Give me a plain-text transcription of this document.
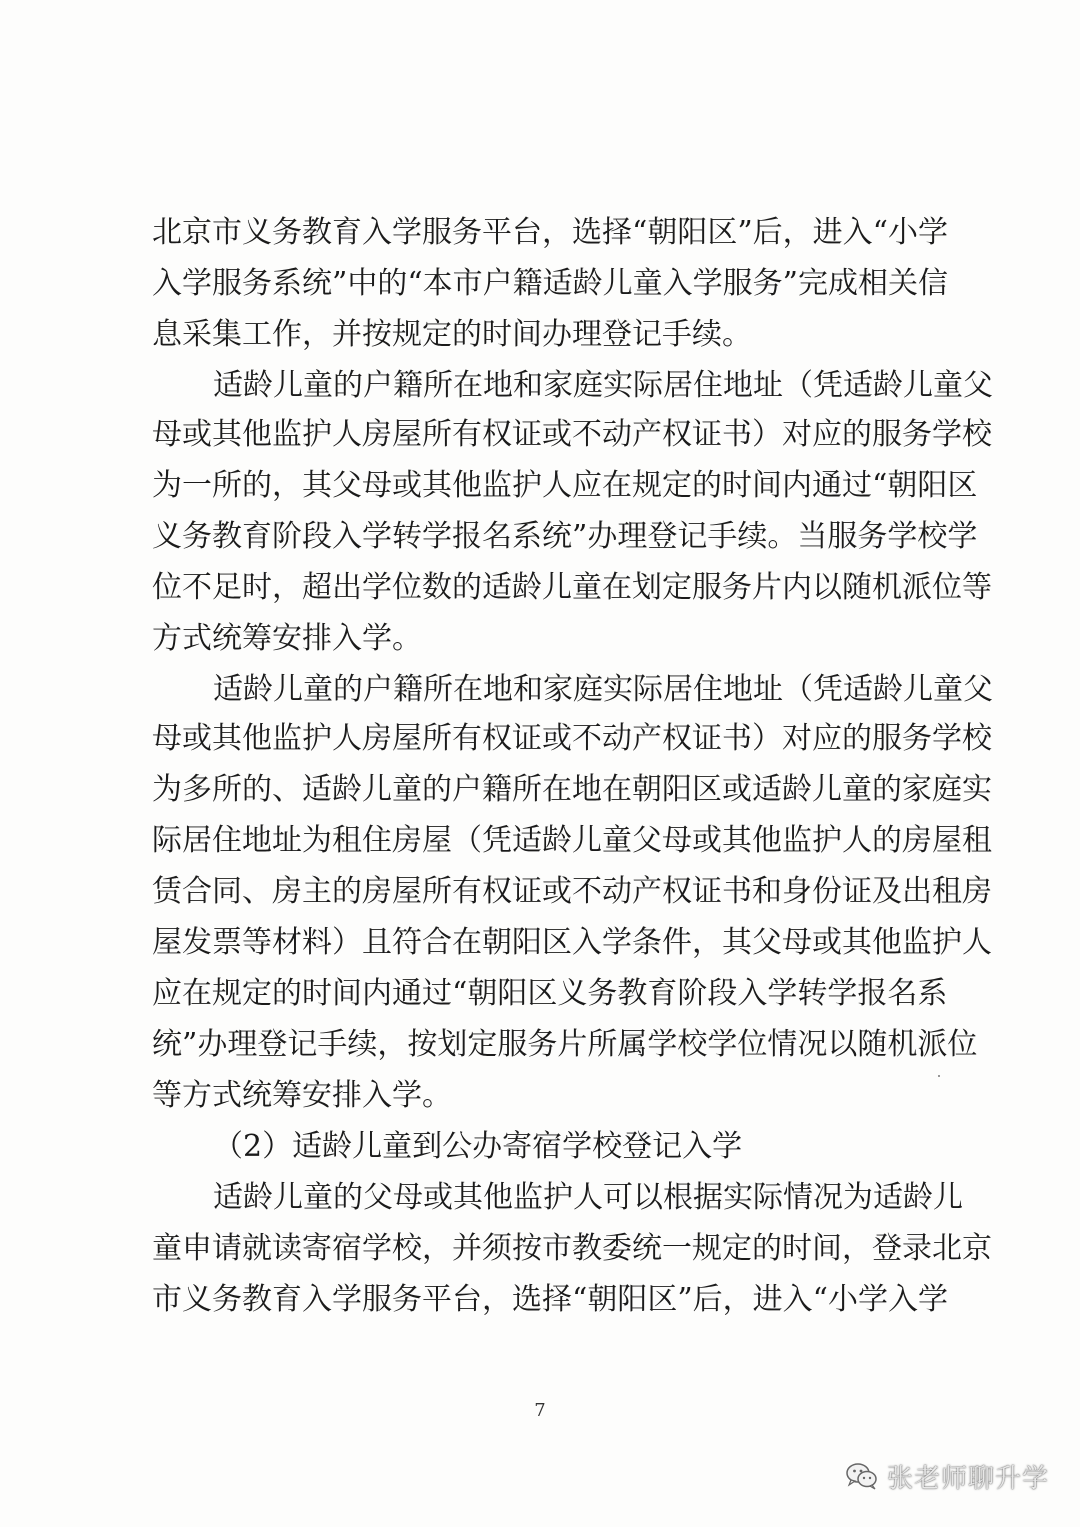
北京市义务教育入学服务平台，选择“朝阳区”后，进入“小学
入学服务系统”中的“本市户籍适龄儿童入学服务”完成相关信
息采集工作，并按规定的时间办理登记手续。
适龄儿童的户籍所在地和家庭实际居住地址（凭适龄儿童父
母或其他监护人房屋所有权证或不动产权证书）对应的服务学校
为一所的，其父母或其他监护人应在规定的时间内通过“朝阳区
义务教育阶段入学转学报名系统”办理登记手续。当服务学校学
位不足时，超出学位数的适龄儿童在划定服务片内以随机派位等
方式统筹安排入学。
适龄儿童的户籍所在地和家庭实际居住地址（凭适龄儿童父
母或其他监护人房屋所有权证或不动产权证书）对应的服务学校
为多所的、适龄儿童的户籍所在地在朝阳区或适龄儿童的家庭实
际居住地址为租住房屋（凭适龄儿童父母或其他监护人的房屋租
赁合同、房主的房屋所有权证或不动产权证书和身份证及出租房
屋发票等材料）且符合在朝阳区入学条件，其父母或其他监护人
应在规定的时间内通过“朝阳区义务教育阶段入学转学报名系
统”办理登记手续，按划定服务片所属学校学位情况以随机派位
等方式统筹安排入学。
（2）适龄儿童到公办寄宿学校登记入学
适龄儿童的父母或其他监护人可以根据实际情况为适龄儿
童申请就读寄宿学校，并须按市教委统一规定的时间，登录北京
市义务教育入学服务平台，选择“朝阳区”后，进入“小学入学
7
张老师聊升学
